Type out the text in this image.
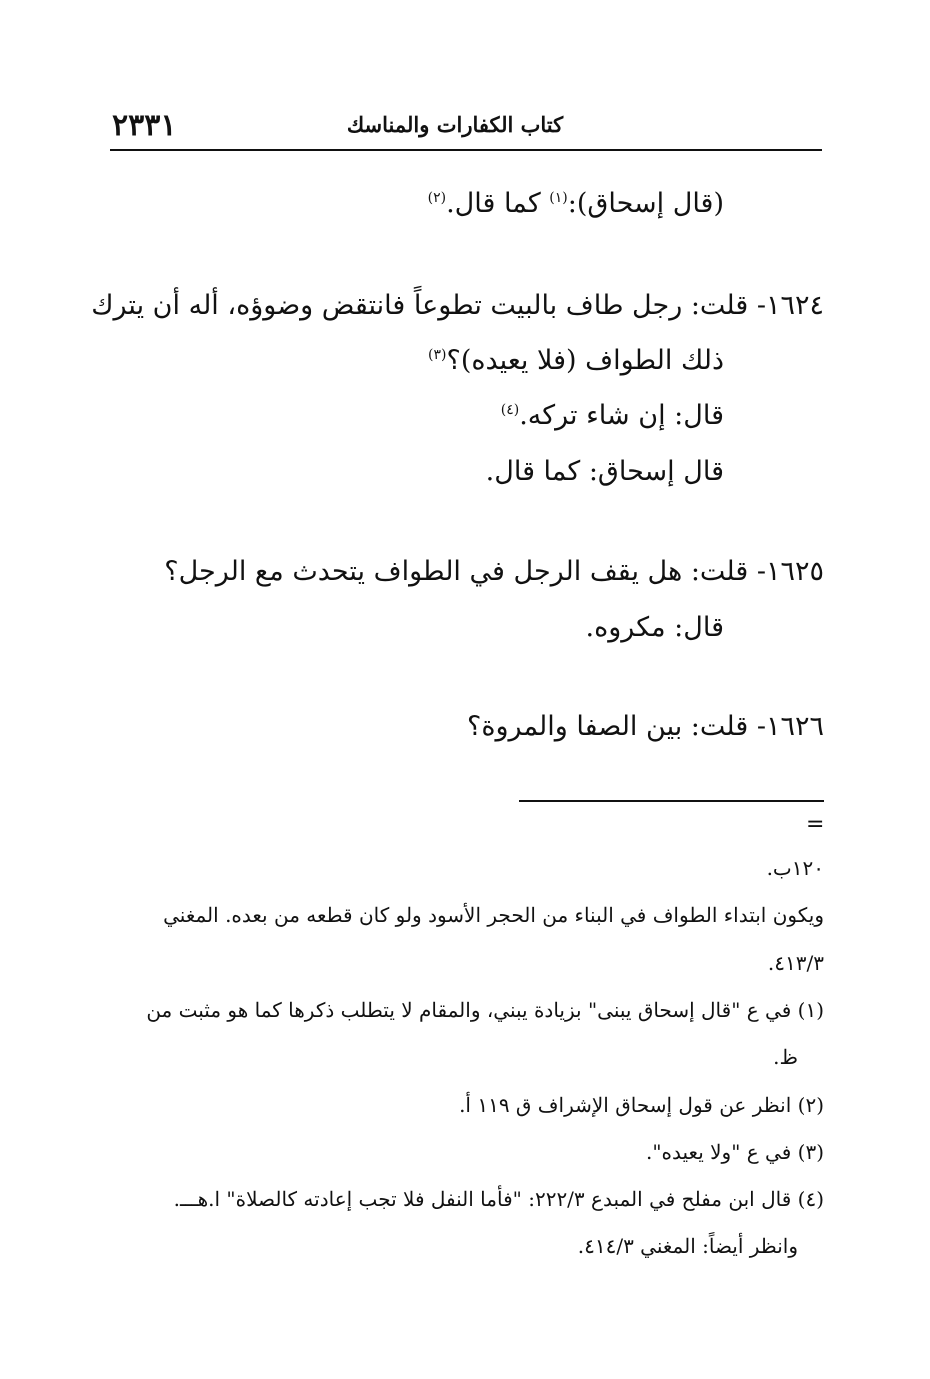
٢٣٣١	كتاب الكفارات والمناسك
(قال إسحاق):$^{(١)}$ كما قال.$^{(٢)}$
١٦٢٤- قلت: رجل طاف بالبيت تطوعاً فانتقض وضوؤه، أله أن يترك
ذلك الطواف (فلا يعيده)؟$^{(٣)}$
قال: إن شاء تركه.$^{(٤)}$
قال إسحاق: كما قال.
١٦٢٥- قلت: هل يقف الرجل في الطواف يتحدث مع الرجل؟
قال: مكروه.
١٦٢٦- قلت: بين الصفا والمروة؟
=
١٢٠ب.
ويكون ابتداء الطواف في البناء من الحجر الأسود ولو كان قطعه من بعده. المغني
٤١٣/٣.
(١) في ع "قال إسحاق يبنى" بزيادة يبني، والمقام لا يتطلب ذكرها كما هو مثبت من
ظ.
(٢) انظر عن قول إسحاق الإشراف ق ١١٩ أ.
(٣) في ع "ولا يعيده".
(٤) قال ابن مفلح في المبدع ٢٢٢/٣: "فأما النفل فلا تجب إعادته كالصلاة" ا.هـــ.
وانظر أيضاً: المغني ٤١٤/٣.
